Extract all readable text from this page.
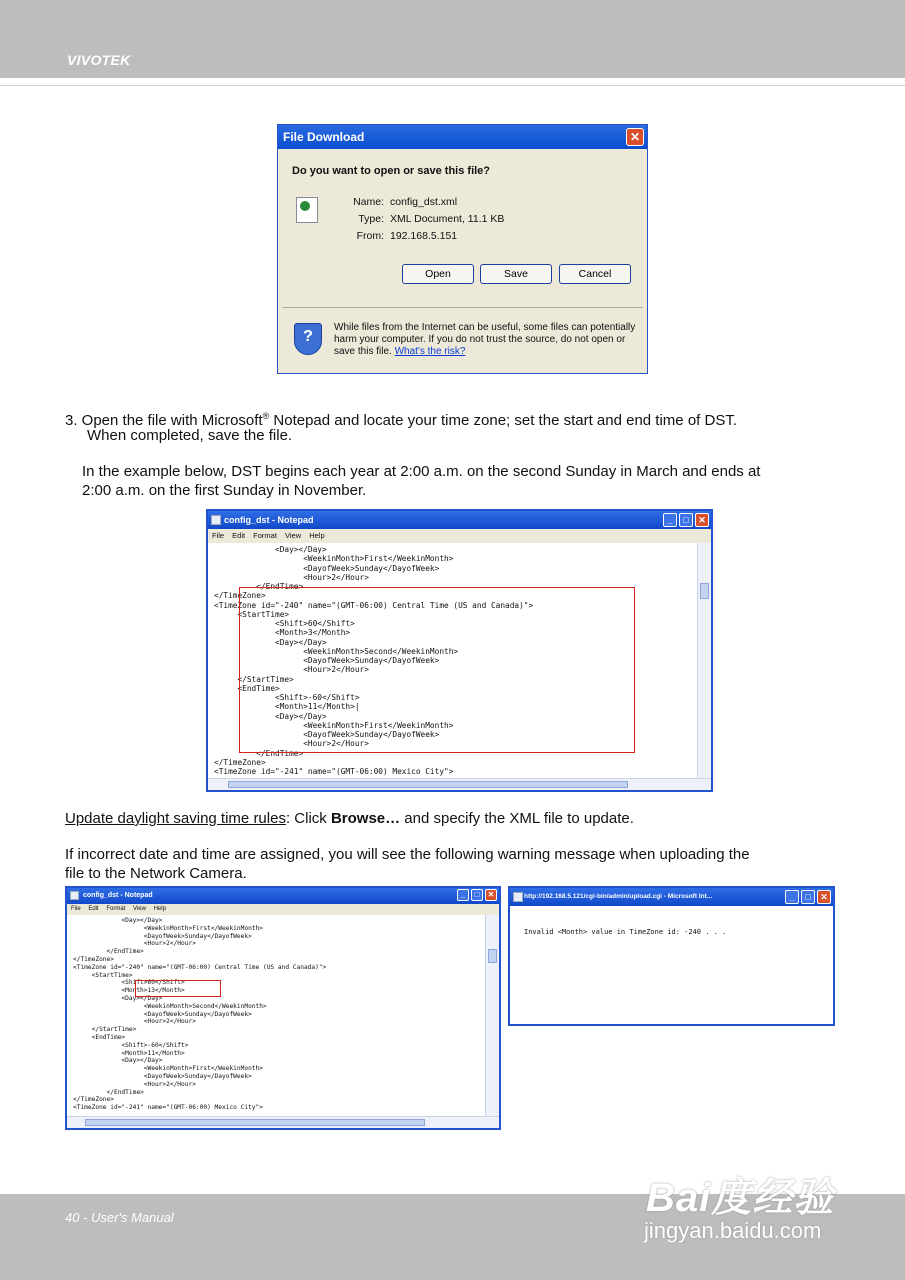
VIVOTEK
File Download	✕
Do you want to open or save this file?
Name: config_dst.xml
Type: XML Document, 11.1 KB
From: 192.168.5.151
Open	Save	Cancel
?
While files from the Internet can be useful, some files can potentially harm your computer. If you do not trust the source, do not open or save this file. What's the risk?
3. Open the file with Microsoft® Notepad and locate your time zone; set the start and end time of DST.
When completed, save the file.
In the example below, DST begins each year at 2:00 a.m. on the second Sunday in March and ends at
2:00 a.m. on the first Sunday in November.
config_dst - Notepad	_	□	✕
File Edit Format View Help
<Day></Day>
<WeekinMonth>First</WeekinMonth>
<DayofWeek>Sunday</DayofWeek>
<Hour>2</Hour>
</EndTime>
</TimeZone>
<TimeZone id="-240" name="(GMT-06:00) Central Time (US and Canada)">
<StartTime>
<Shift>60</Shift>
<Month>3</Month>
<Day></Day>
<WeekinMonth>Second</WeekinMonth>
<DayofWeek>Sunday</DayofWeek>
<Hour>2</Hour>
</StartTime>
<EndTime>
<Shift>-60</Shift>
<Month>11</Month>|
<Day></Day>
<WeekinMonth>First</WeekinMonth>
<DayofWeek>Sunday</DayofWeek>
<Hour>2</Hour>
</EndTime>
</TimeZone>
<TimeZone id="-241" name="(GMT-06:00) Mexico City">
Update daylight saving time rules: Click Browse… and specify the XML file to update.
If incorrect date and time are assigned, you will see the following warning message when uploading the
file to the Network Camera.
config_dst - Notepad	_	□	✕
File Edit Format View Help
<Day></Day>
<WeekinMonth>First</WeekinMonth>
<DayofWeek>Sunday</DayofWeek>
<Hour>2</Hour>
</EndTime>
</TimeZone>
<TimeZone id="-240" name="(GMT-06:00) Central Time (US and Canada)">
<StartTime>
<Shift>60</Shift>
<Month>13</Month>
<Day></Day>
<WeekinMonth>Second</WeekinMonth>
<DayofWeek>Sunday</DayofWeek>
<Hour>2</Hour>
</StartTime>
<EndTime>
<Shift>-60</Shift>
<Month>11</Month>
<Day></Day>
<WeekinMonth>First</WeekinMonth>
<DayofWeek>Sunday</DayofWeek>
<Hour>2</Hour>
</EndTime>
</TimeZone>
<TimeZone id="-241" name="(GMT-06:00) Mexico City">
http://192.168.5.121/cgi-bin/admin/upload.cgi - Microsoft Int...	_	□	✕
Invalid <Month> value in TimeZone id: -240 . . .
40 - User's Manual	Bai度经验
jingyan.baidu.com
